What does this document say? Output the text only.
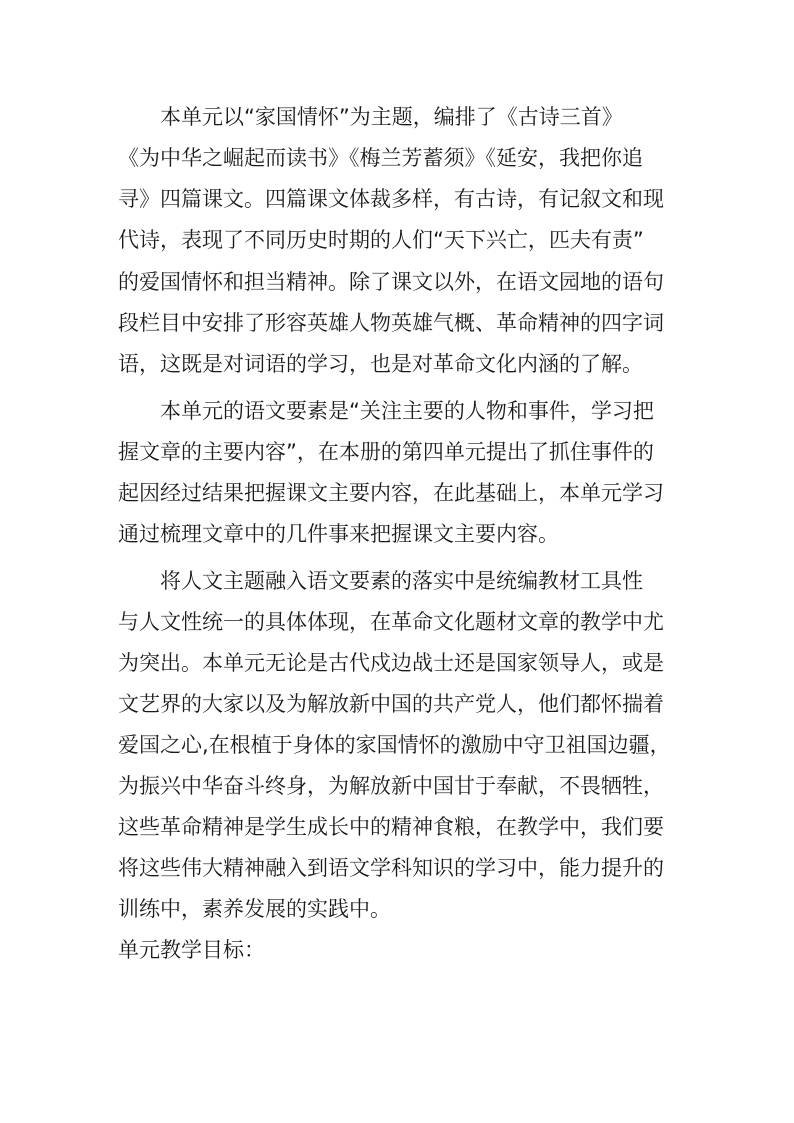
本单元以“家国情怀”为主题，编排了《古诗三首》
《为中华之崛起而读书》《梅兰芳蓄须》《延安，我把你追
寻》四篇课文。四篇课文体裁多样，有古诗，有记叙文和现
代诗，表现了不同历史时期的人们“天下兴亡，匹夫有责”
的爱国情怀和担当精神。除了课文以外，在语文园地的语句
段栏目中安排了形容英雄人物英雄气概、革命精神的四字词
语，这既是对词语的学习，也是对革命文化内涵的了解。
本单元的语文要素是“关注主要的人物和事件，学习把
握文章的主要内容”，在本册的第四单元提出了抓住事件的
起因经过结果把握课文主要内容，在此基础上，本单元学习
通过梳理文章中的几件事来把握课文主要内容。
将人文主题融入语文要素的落实中是统编教材工具性
与人文性统一的具体体现，在革命文化题材文章的教学中尤
为突出。本单元无论是古代戍边战士还是国家领导人，或是
文艺界的大家以及为解放新中国的共产党人，他们都怀揣着
爱国之心,在根植于身体的家国情怀的激励中守卫祖国边疆，
为振兴中华奋斗终身，为解放新中国甘于奉献，不畏牺牲，
这些革命精神是学生成长中的精神食粮，在教学中，我们要
将这些伟大精神融入到语文学科知识的学习中，能力提升的
训练中，素养发展的实践中。
单元教学目标：
